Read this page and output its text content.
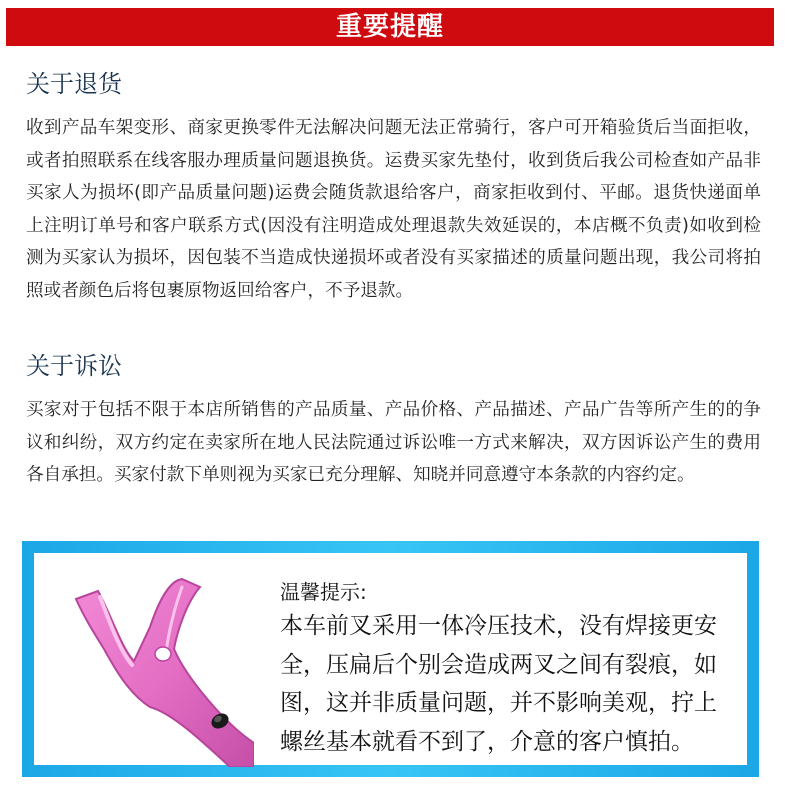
重要提醒
关于退货
收到产品车架变形、商家更换零件无法解决问题无法正常骑行，客户可开箱验货后当面拒收，或者拍照联系在线客服办理质量问题退换货。运费买家先垫付，收到货后我公司检查如产品非买家人为损坏(即产品质量问题)运费会随货款退给客户，商家拒收到付、平邮。退货快递面单上注明订单号和客户联系方式(因没有注明造成处理退款失效延误的，本店概不负责)如收到检测为买家认为损坏，因包装不当造成快递损坏或者没有买家描述的质量问题出现，我公司将拍照或者颜色后将包裹原物返回给客户，不予退款。
关于诉讼
买家对于包括不限于本店所销售的产品质量、产品价格、产品描述、产品广告等所产生的的争议和纠纷，双方约定在卖家所在地人民法院通过诉讼唯一方式来解决，双方因诉讼产生的费用各自承担。买家付款下单则视为买家已充分理解、知晓并同意遵守本条款的内容约定。
温馨提示:
本车前叉采用一体冷压技术，没有焊接更安全，压扁后个别会造成两叉之间有裂痕，如图，这并非质量问题，并不影响美观，拧上螺丝基本就看不到了，介意的客户慎拍。
